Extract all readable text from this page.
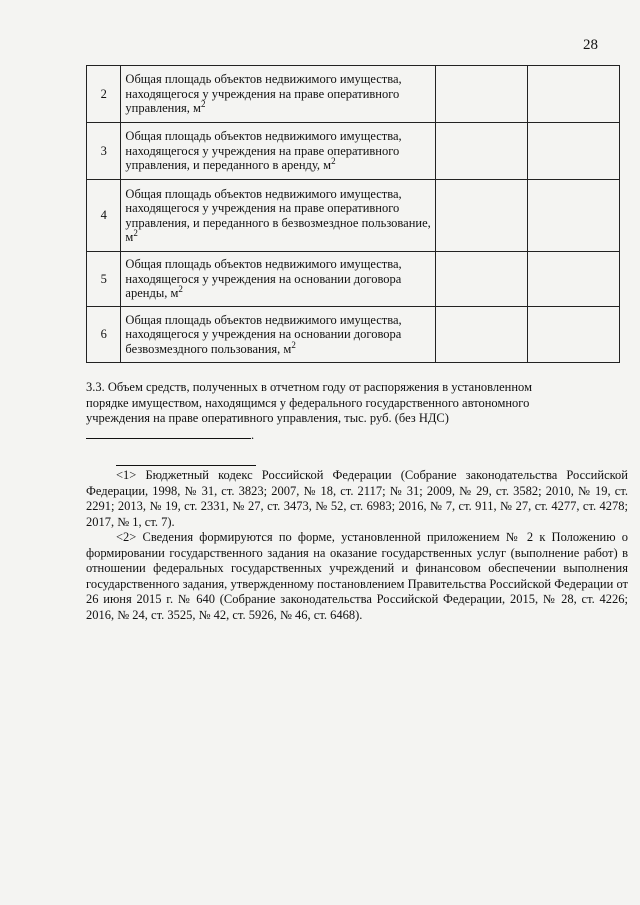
28
2	Общая площадь объектов недвижимого имущества, находящегося у учреждения на праве оперативного управления, $м^2$		
3	Общая площадь объектов недвижимого имущества, находящегося у учреждения на праве оперативного управления, и переданного в аренду, $м^2$		
4	Общая площадь объектов недвижимого имущества, находящегося у учреждения на праве оперативного управления, и переданного в безвозмездное пользование, $м^2$		
5	Общая площадь объектов недвижимого имущества, находящегося у учреждения на основании договора аренды, $м^2$		
6	Общая площадь объектов недвижимого имущества, находящегося у учреждения на основании договора безвозмездного пользования, $м^2$		
3.3. Объем средств, полученных в отчетном году от распоряжения в установленном порядке имуществом, находящимся у федерального государственного автономного учреждения на праве оперативного управления, тыс. руб. (без НДС) .

<1> Бюджетный кодекс Российской Федерации (Собрание законодательства Российской Федерации, 1998, № 31, ст. 3823; 2007, № 18, ст. 2117; № 31; 2009, № 29, ст. 3582; 2010, № 19, ст. 2291; 2013, № 19, ст. 2331, № 27, ст. 3473, № 52, ст. 6983; 2016, № 7, ст. 911, № 27, ст. 4277, ст. 4278; 2017, № 1, ст. 7).

<2> Сведения формируются по форме, установленной приложением № 2 к Положению о формировании государственного задания на оказание государственных услуг (выполнение работ) в отношении федеральных государственных учреждений и финансовом обеспечении выполнения государственного задания, утвержденному постановлением Правительства Российской Федерации от 26 июня 2015 г. № 640 (Собрание законодательства Российской Федерации, 2015, № 28, ст. 4226; 2016, № 24, ст. 3525, № 42, ст. 5926, № 46, ст. 6468).
